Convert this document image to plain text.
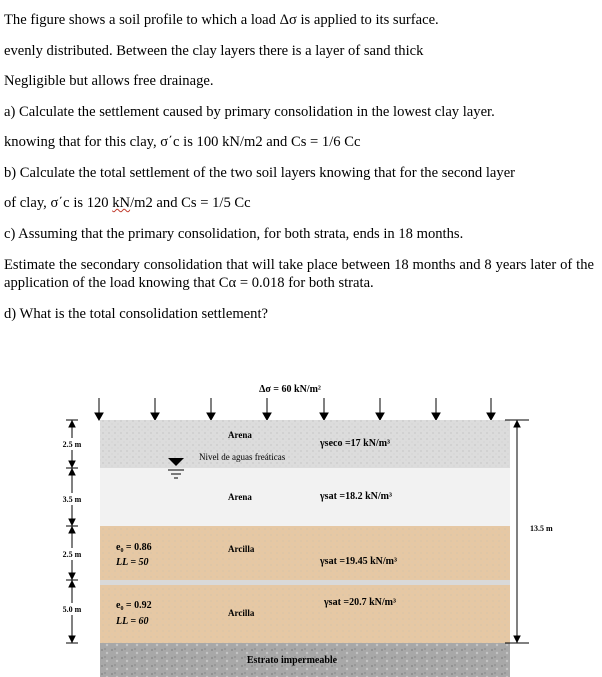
The figure shows a soil profile to which a load Δσ is applied to its surface.
evenly distributed. Between the clay layers there is a layer of sand thick
Negligible but allows free drainage.
a) Calculate the settlement caused by primary consolidation in the lowest clay layer.
knowing that for this clay, σ΄c is 100 kN/m2 and Cs = 1/6 Cc
b) Calculate the total settlement of the two soil layers knowing that for the second layer
of clay, σ΄c is 120 kN/m2 and Cs = 1/5 Cc
c) Assuming that the primary consolidation, for both strata, ends in 18 months.
Estimate the secondary consolidation that will take place between 18 months and 8 years later of the application of the load knowing that Cα = 0.018 for both strata.
d) What is the total consolidation settlement?
Δσ = 60 kN/m²
Nivel de aguas freáticas
Arena
γseco =17 kN/m³
Arena	γsat =18.2 kN/m³
e₀ = 0.86
LL = 50
Arcilla
γsat =19.45 kN/m³
e₀ = 0.92
LL = 60
Arcilla
γsat =20.7 kN/m³
Estrato impermeable
2.5 m
3.5 m
2.5 m
5.0 m
13.5 m
